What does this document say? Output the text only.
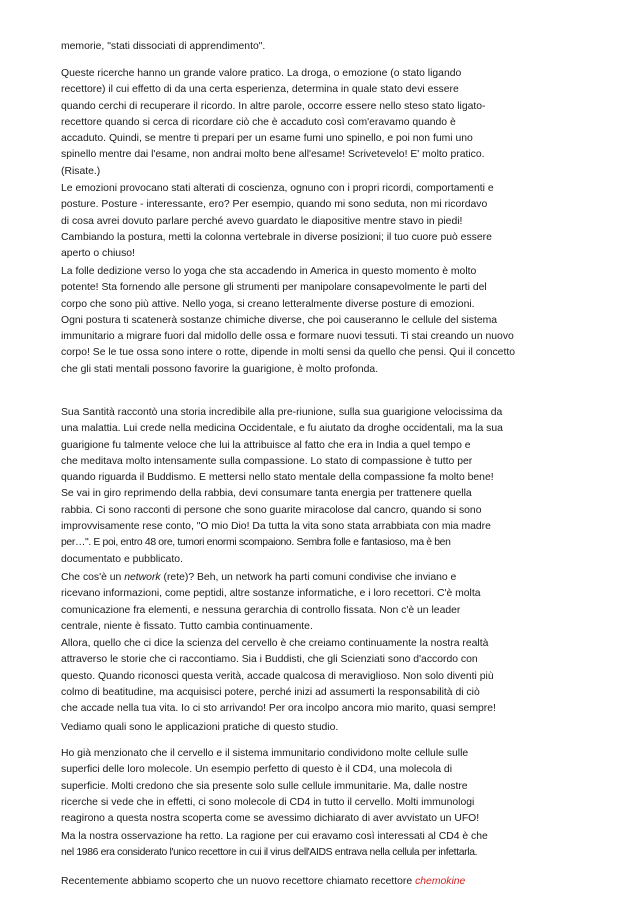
memorie, "stati dissociati di apprendimento".
Queste ricerche hanno un grande valore pratico. La droga, o emozione (o stato ligando
recettore) il cui effetto di da una certa esperienza, determina in quale stato devi essere
quando cerchi di recuperare il ricordo. In altre parole, occorre essere nello steso stato ligato-
recettore quando si cerca di ricordare ciò che è accaduto così com'eravamo quando è
accaduto. Quindi, se mentre ti prepari per un esame fumi uno spinello, e poi non fumi uno
spinello mentre dai l'esame, non andrai molto bene all'esame! Scrivetevelo! E' molto pratico.
(Risate.)
Le emozioni provocano stati alterati di coscienza, ognuno con i propri ricordi, comportamenti e
posture. Posture - interessante, ero? Per esempio, quando mi sono seduta, non mi ricordavo
di cosa avrei dovuto parlare perché avevo guardato le diapositive mentre stavo in piedi!
Cambiando la postura, metti la colonna vertebrale in diverse posizioni; il tuo cuore può essere
aperto o chiuso!
La folle dedizione verso lo yoga che sta accadendo in America in questo momento è molto
potente! Sta fornendo alle persone gli strumenti per manipolare consapevolmente le parti del
corpo che sono più attive. Nello yoga, si creano letteralmente diverse posture di emozioni.
Ogni postura ti scatenerà sostanze chimiche diverse, che poi causeranno le cellule del sistema
immunitario a migrare fuori dal midollo delle ossa e formare nuovi tessuti. Ti stai creando un nuovo
corpo! Se le tue ossa sono intere o rotte, dipende in molti sensi da quello che pensi. Qui il concetto
che gli stati mentali possono favorire la guarigione, è molto profonda.
Sua Santità raccontò una storia incredibile alla pre-riunione, sulla sua guarigione velocissima da
una malattia. Lui crede nella medicina Occidentale, e fu aiutato da droghe occidentali, ma la sua
guarigione fu talmente veloce che lui la attribuisce al fatto che era in India a quel tempo e
che meditava molto intensamente sulla compassione. Lo stato di compassione è tutto per
quando riguarda il Buddismo. E mettersi nello stato mentale della compassione fa molto bene!
Se vai in giro reprimendo della rabbia, devi consumare tanta energia per trattenere quella
rabbia. Ci sono racconti di persone che sono guarite miracolose dal cancro, quando si sono
improvvisamente rese conto, "O mio Dio! Da tutta la vita sono stata arrabbiata con mia madre
per…". E poi, entro 48 ore, tumori enormi scompaiono. Sembra folle e fantasioso, ma è ben
documentato e pubblicato.
Che cos'è un network (rete)? Beh, un network ha parti comuni condivise che inviano e
ricevano informazioni, come peptidi, altre sostanze informatiche, e i loro recettori. C'è molta
comunicazione fra elementi, e nessuna gerarchia di controllo fissata. Non c'è un leader
centrale, niente è fissato. Tutto cambia continuamente.
Allora, quello che ci dice la scienza del cervello è che creiamo continuamente la nostra realtà
attraverso le storie che ci raccontiamo. Sia i Buddisti, che gli Scienziati sono d'accordo con
questo. Quando riconosci questa verità, accade qualcosa di meraviglioso. Non solo diventi più
colmo di beatitudine, ma acquisisci potere, perché inizi ad assumerti la responsabilità di ciò
che accade nella tua vita. Io ci sto arrivando! Per ora incolpo ancora mio marito, quasi sempre!
Vediamo quali sono le applicazioni pratiche di questo studio.
Ho già menzionato che il cervello e il sistema immunitario condividono molte cellule sulle
superfici delle loro molecole. Un esempio perfetto di questo è il CD4, una molecola di
superficie. Molti credono che sia presente solo sulle cellule immunitarie. Ma, dalle nostre
ricerche si vede che in effetti, ci sono molecole di CD4 in tutto il cervello. Molti immunologi
reagirono a questa nostra scoperta come se avessimo dichiarato di aver avvistato un UFO!
Ma la nostra osservazione ha retto. La ragione per cui eravamo così interessati al CD4 è che
nel 1986 era considerato l'unico recettore in cui il virus dell'AIDS entrava nella cellula per infettarla.
Recentemente abbiamo scoperto che un nuovo recettore chiamato recettore chemokine
